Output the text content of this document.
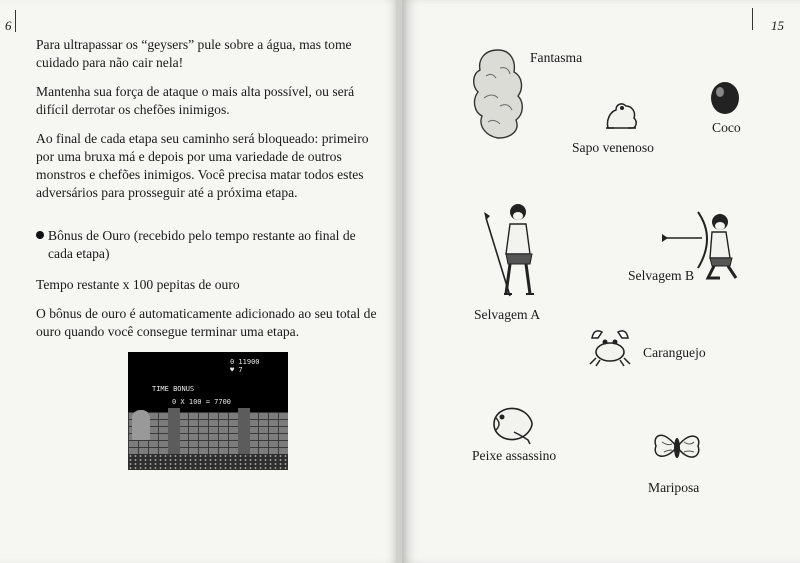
6

Para ultrapassar os “geysers” pule sobre a água, mas tome cuidado para não cair nela!

Mantenha sua força de ataque o mais alta possível, ou será difícil derrotar os chefões inimigos.

Ao final de cada etapa seu caminho será bloqueado: primeiro por uma bruxa má e depois por uma variedade de outros monstros e chefões inimigos. Você precisa matar todos estes adversários para prosseguir até a próxima etapa.

Bônus de Ouro (recebido pelo tempo restante ao final de cada etapa)

Tempo restante x 100 pepitas de ouro

O bônus de ouro é automaticamente adicionado ao seu total de ouro quando você consegue terminar uma etapa.

0 11900
♥ 7
TIME BONUS
0 X 100 = 7700
15
Fantasma
Coco
Sapo venenoso
Selvagem A
Selvagem B
Caranguejo
Peixe assassino
Mariposa
